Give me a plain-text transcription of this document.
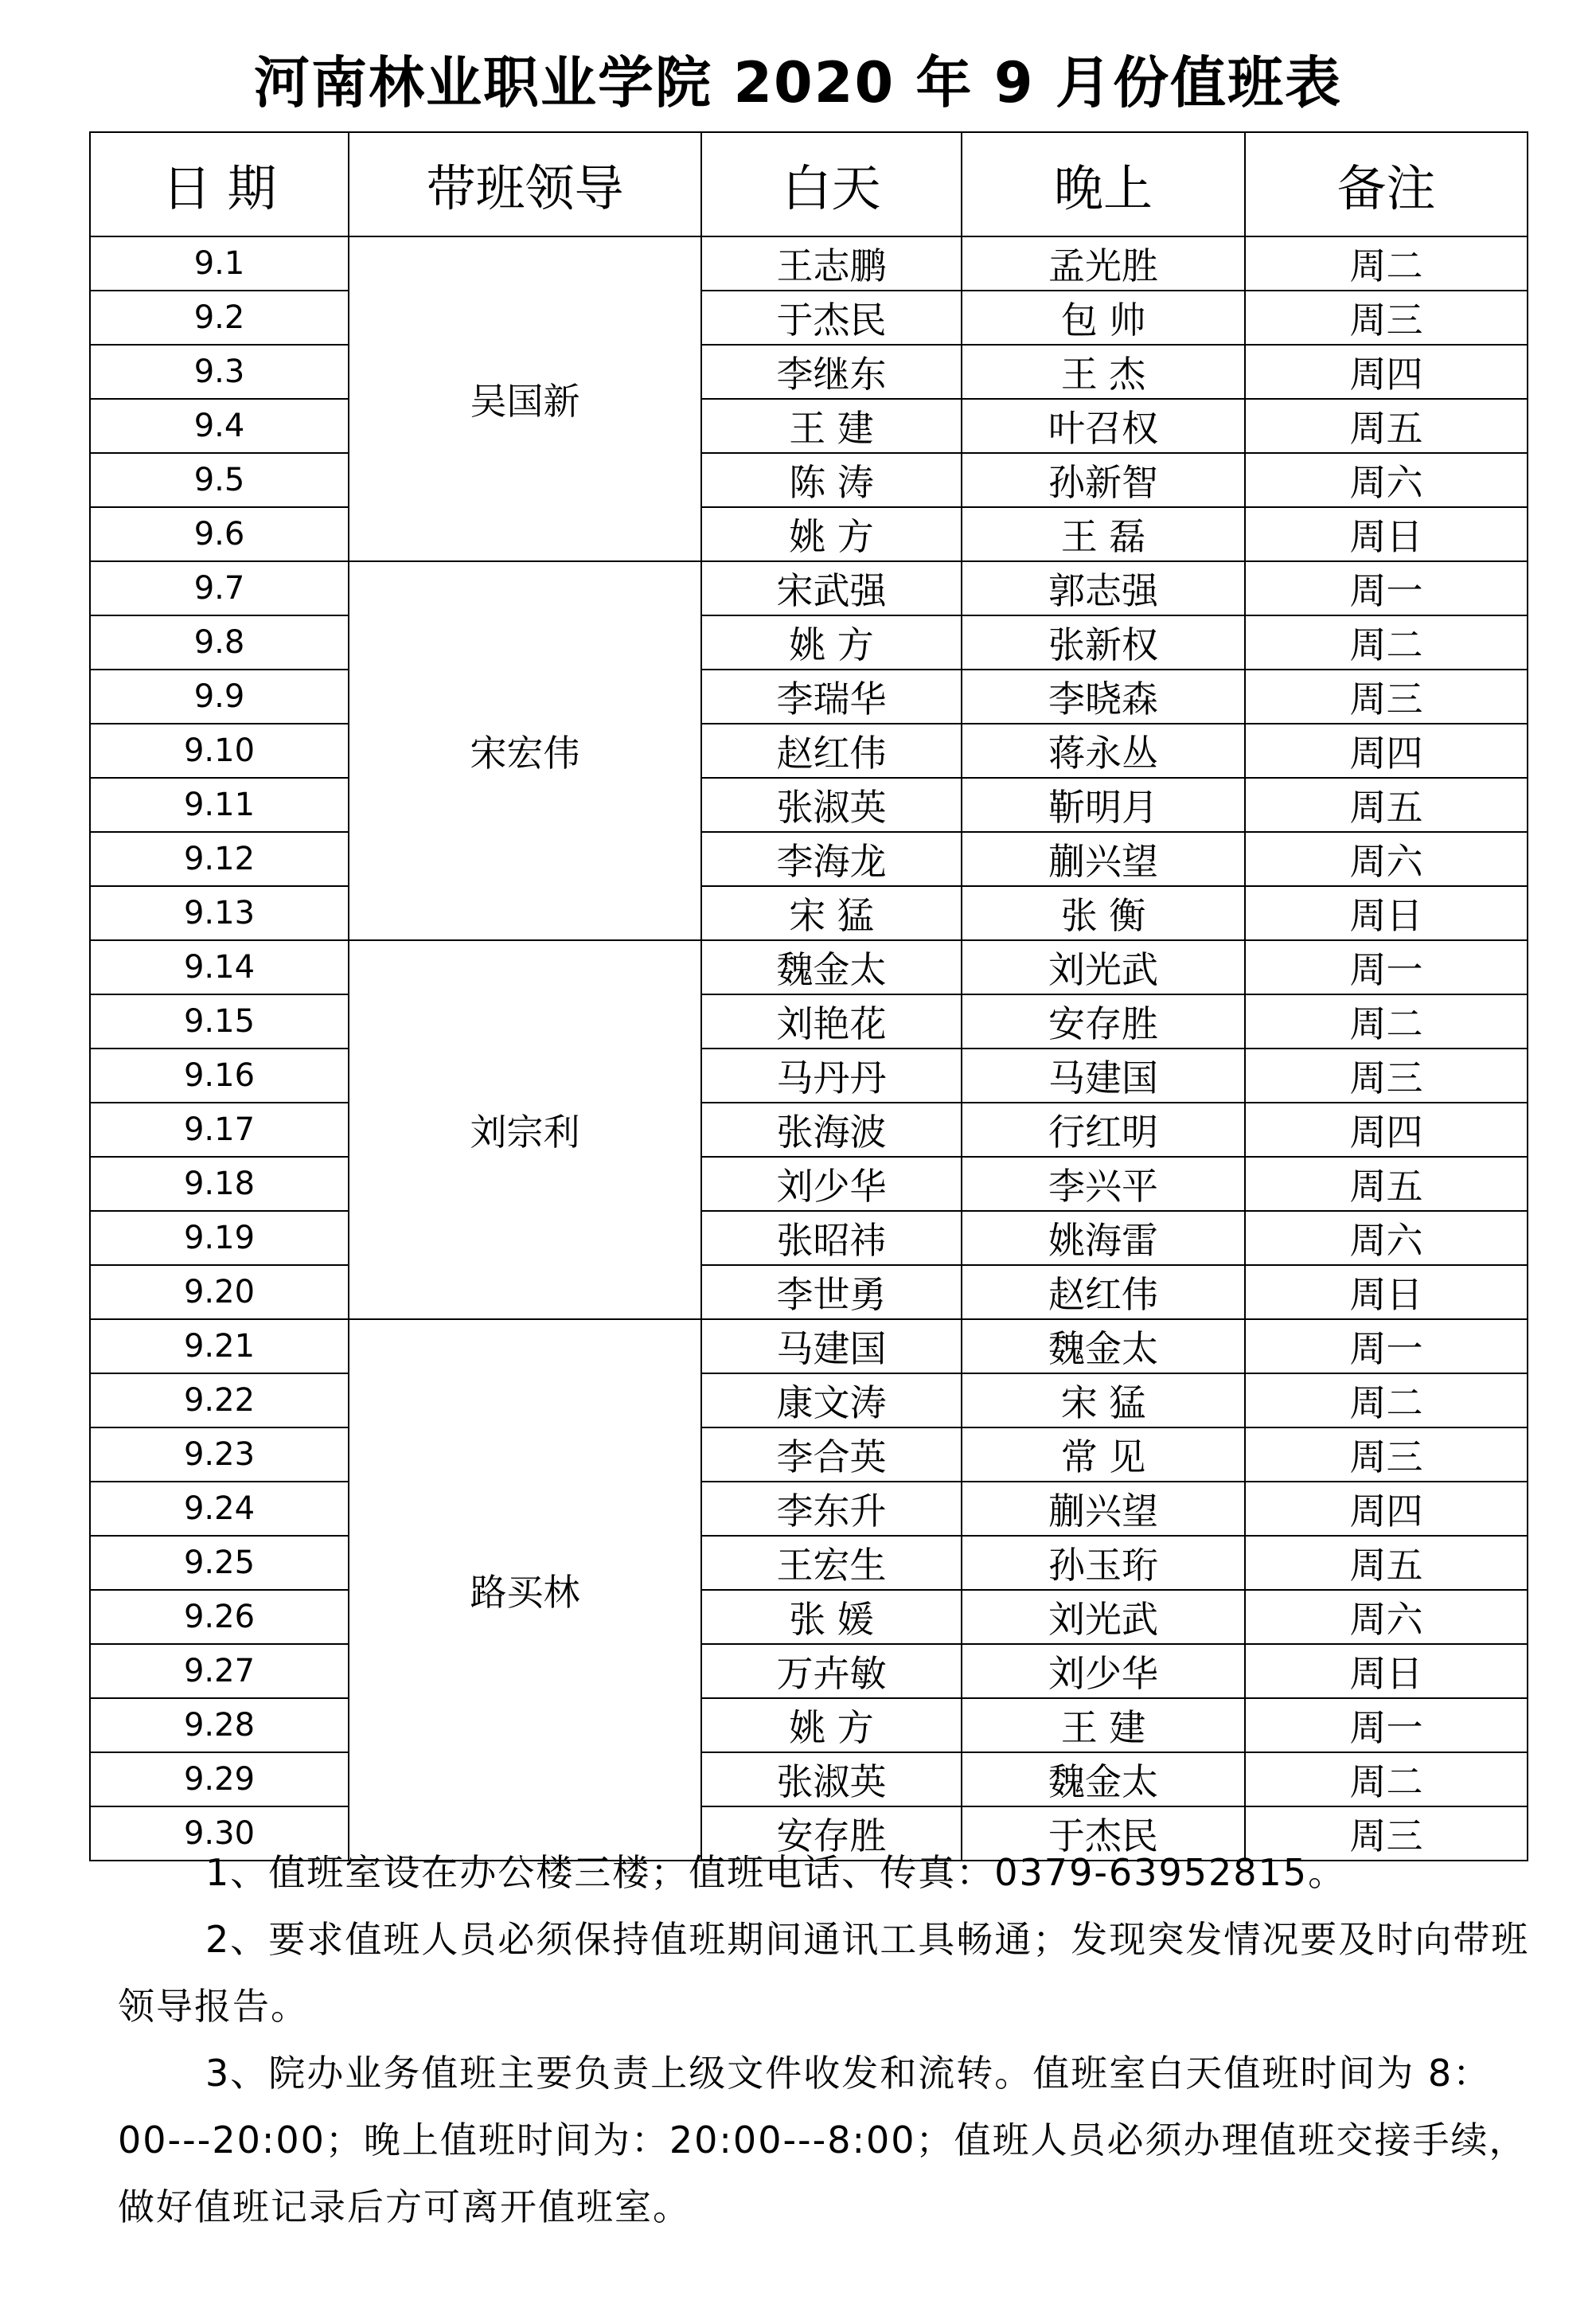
河南林业职业学院 2020 年 9 月份值班表
日 期	带班领导	白天	晚上	备注
9.1	吴国新	王志鹏	孟光胜	周二
9.2		于杰民	包 帅	周三
9.3		李继东	王 杰	周四
9.4		王 建	叶召权	周五
9.5		陈 涛	孙新智	周六
9.6		姚 方	王 磊	周日
9.7	宋宏伟	宋武强	郭志强	周一
9.8		姚 方	张新权	周二
9.9		李瑞华	李晓森	周三
9.10		赵红伟	蒋永丛	周四
9.11		张淑英	靳明月	周五
9.12		李海龙	蒯兴望	周六
9.13		宋 猛	张 衡	周日
9.14	刘宗利	魏金太	刘光武	周一
9.15		刘艳花	安存胜	周二
9.16		马丹丹	马建国	周三
9.17		张海波	行红明	周四
9.18		刘少华	李兴平	周五
9.19		张昭祎	姚海雷	周六
9.20		李世勇	赵红伟	周日
9.21	路买林	马建国	魏金太	周一
9.22		康文涛	宋 猛	周二
9.23		李合英	常 见	周三
9.24		李东升	蒯兴望	周四
9.25		王宏生	孙玉珩	周五
9.26		张 媛	刘光武	周六
9.27		万卉敏	刘少华	周日
9.28		姚 方	王 建	周一
9.29		张淑英	魏金太	周二
9.30		安存胜	于杰民	周三

1、值班室设在办公楼三楼；值班电话、传真：0379-63952815。

2、要求值班人员必须保持值班期间通讯工具畅通；发现突发情况要及时向带班领导报告。

3、院办业务值班主要负责上级文件收发和流转。值班室白天值班时间为 8：00---20:00；晚上值班时间为：20:00---8:00；值班人员必须办理值班交接手续，做好值班记录后方可离开值班室。
